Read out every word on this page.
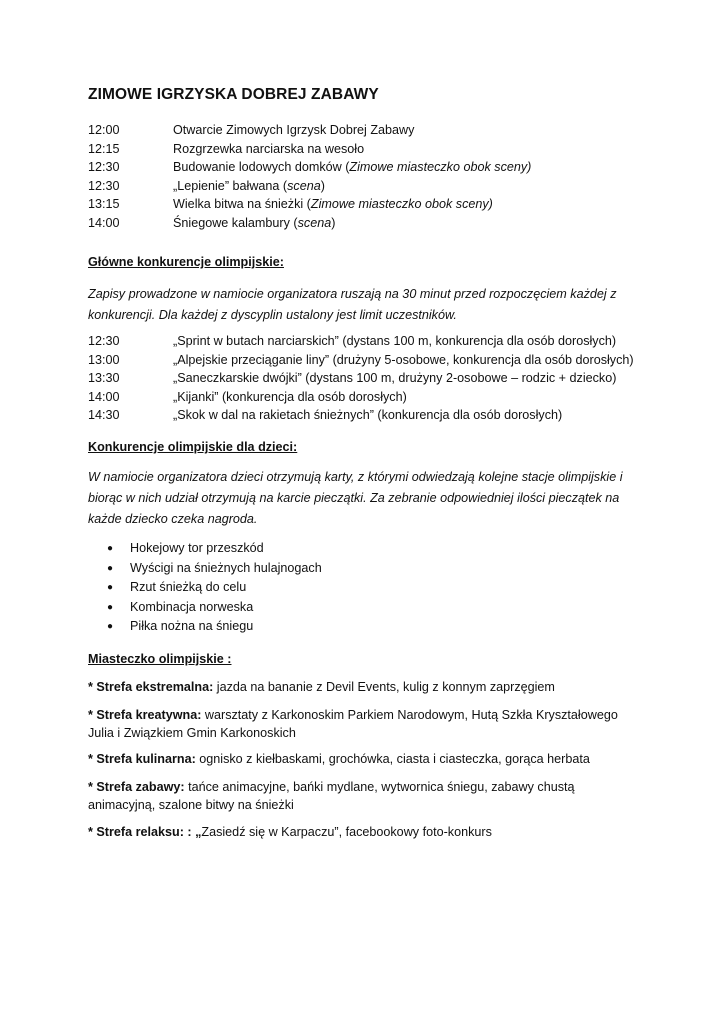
ZIMOWE IGRZYSKA DOBREJ ZABAWY
12:00	Otwarcie Zimowych Igrzysk Dobrej Zabawy
12:15	Rozgrzewka narciarska na wesoło
12:30	Budowanie lodowych domków (Zimowe miasteczko obok sceny)
12:30	„Lepienie” bałwana (scena)
13:15	Wielka bitwa na śnieżki (Zimowe miasteczko obok sceny)
14:00	Śniegowe kalambury (scena)
Główne konkurencje olimpijskie:
Zapisy prowadzone w namiocie organizatora ruszają na 30 minut przed rozpoczęciem każdej z konkurencji. Dla każdej z dyscyplin ustalony jest limit uczestników.
12:30	„Sprint w butach narciarskich” (dystans 100 m, konkurencja dla osób dorosłych)
13:00	„Alpejskie przeciąganie liny” (drużyny 5-osobowe, konkurencja dla osób dorosłych)
13:30	„Saneczkarskie dwójki” (dystans 100 m, drużyny 2-osobowe – rodzic + dziecko)
14:00	„Kijanki” (konkurencja dla osób dorosłych)
14:30	„Skok w dal na rakietach śnieżnych” (konkurencja dla osób dorosłych)
Konkurencje olimpijskie dla dzieci:
W namiocie organizatora dzieci otrzymują karty, z którymi odwiedzają kolejne stacje olimpijskie i biorąc w nich udział otrzymują na karcie pieczątki. Za zebranie odpowiedniej ilości pieczątek na każde dziecko czeka nagroda.
● Hokejowy tor przeszkód
● Wyścigi na śnieżnych hulajnogach
● Rzut śnieżką do celu
● Kombinacja norweska
● Piłka nożna na śniegu
Miasteczko olimpijskie :
* Strefa ekstremalna: jazda na bananie z Devil Events, kulig z konnym zaprzęgiem
* Strefa kreatywna: warsztaty z Karkonoskim Parkiem Narodowym, Hutą Szkła Kryształowego Julia i Związkiem Gmin Karkonoskich
* Strefa kulinarna: ognisko z kiełbaskami, grochówka, ciasta i ciasteczka, gorąca herbata
* Strefa zabawy: tańce animacyjne, bańki mydlane, wytwornica śniegu, zabawy chustą animacyjną, szalone bitwy na śnieżki
* Strefa relaksu: : „Zasiedź się w Karpaczu”, facebookowy foto-konkurs
